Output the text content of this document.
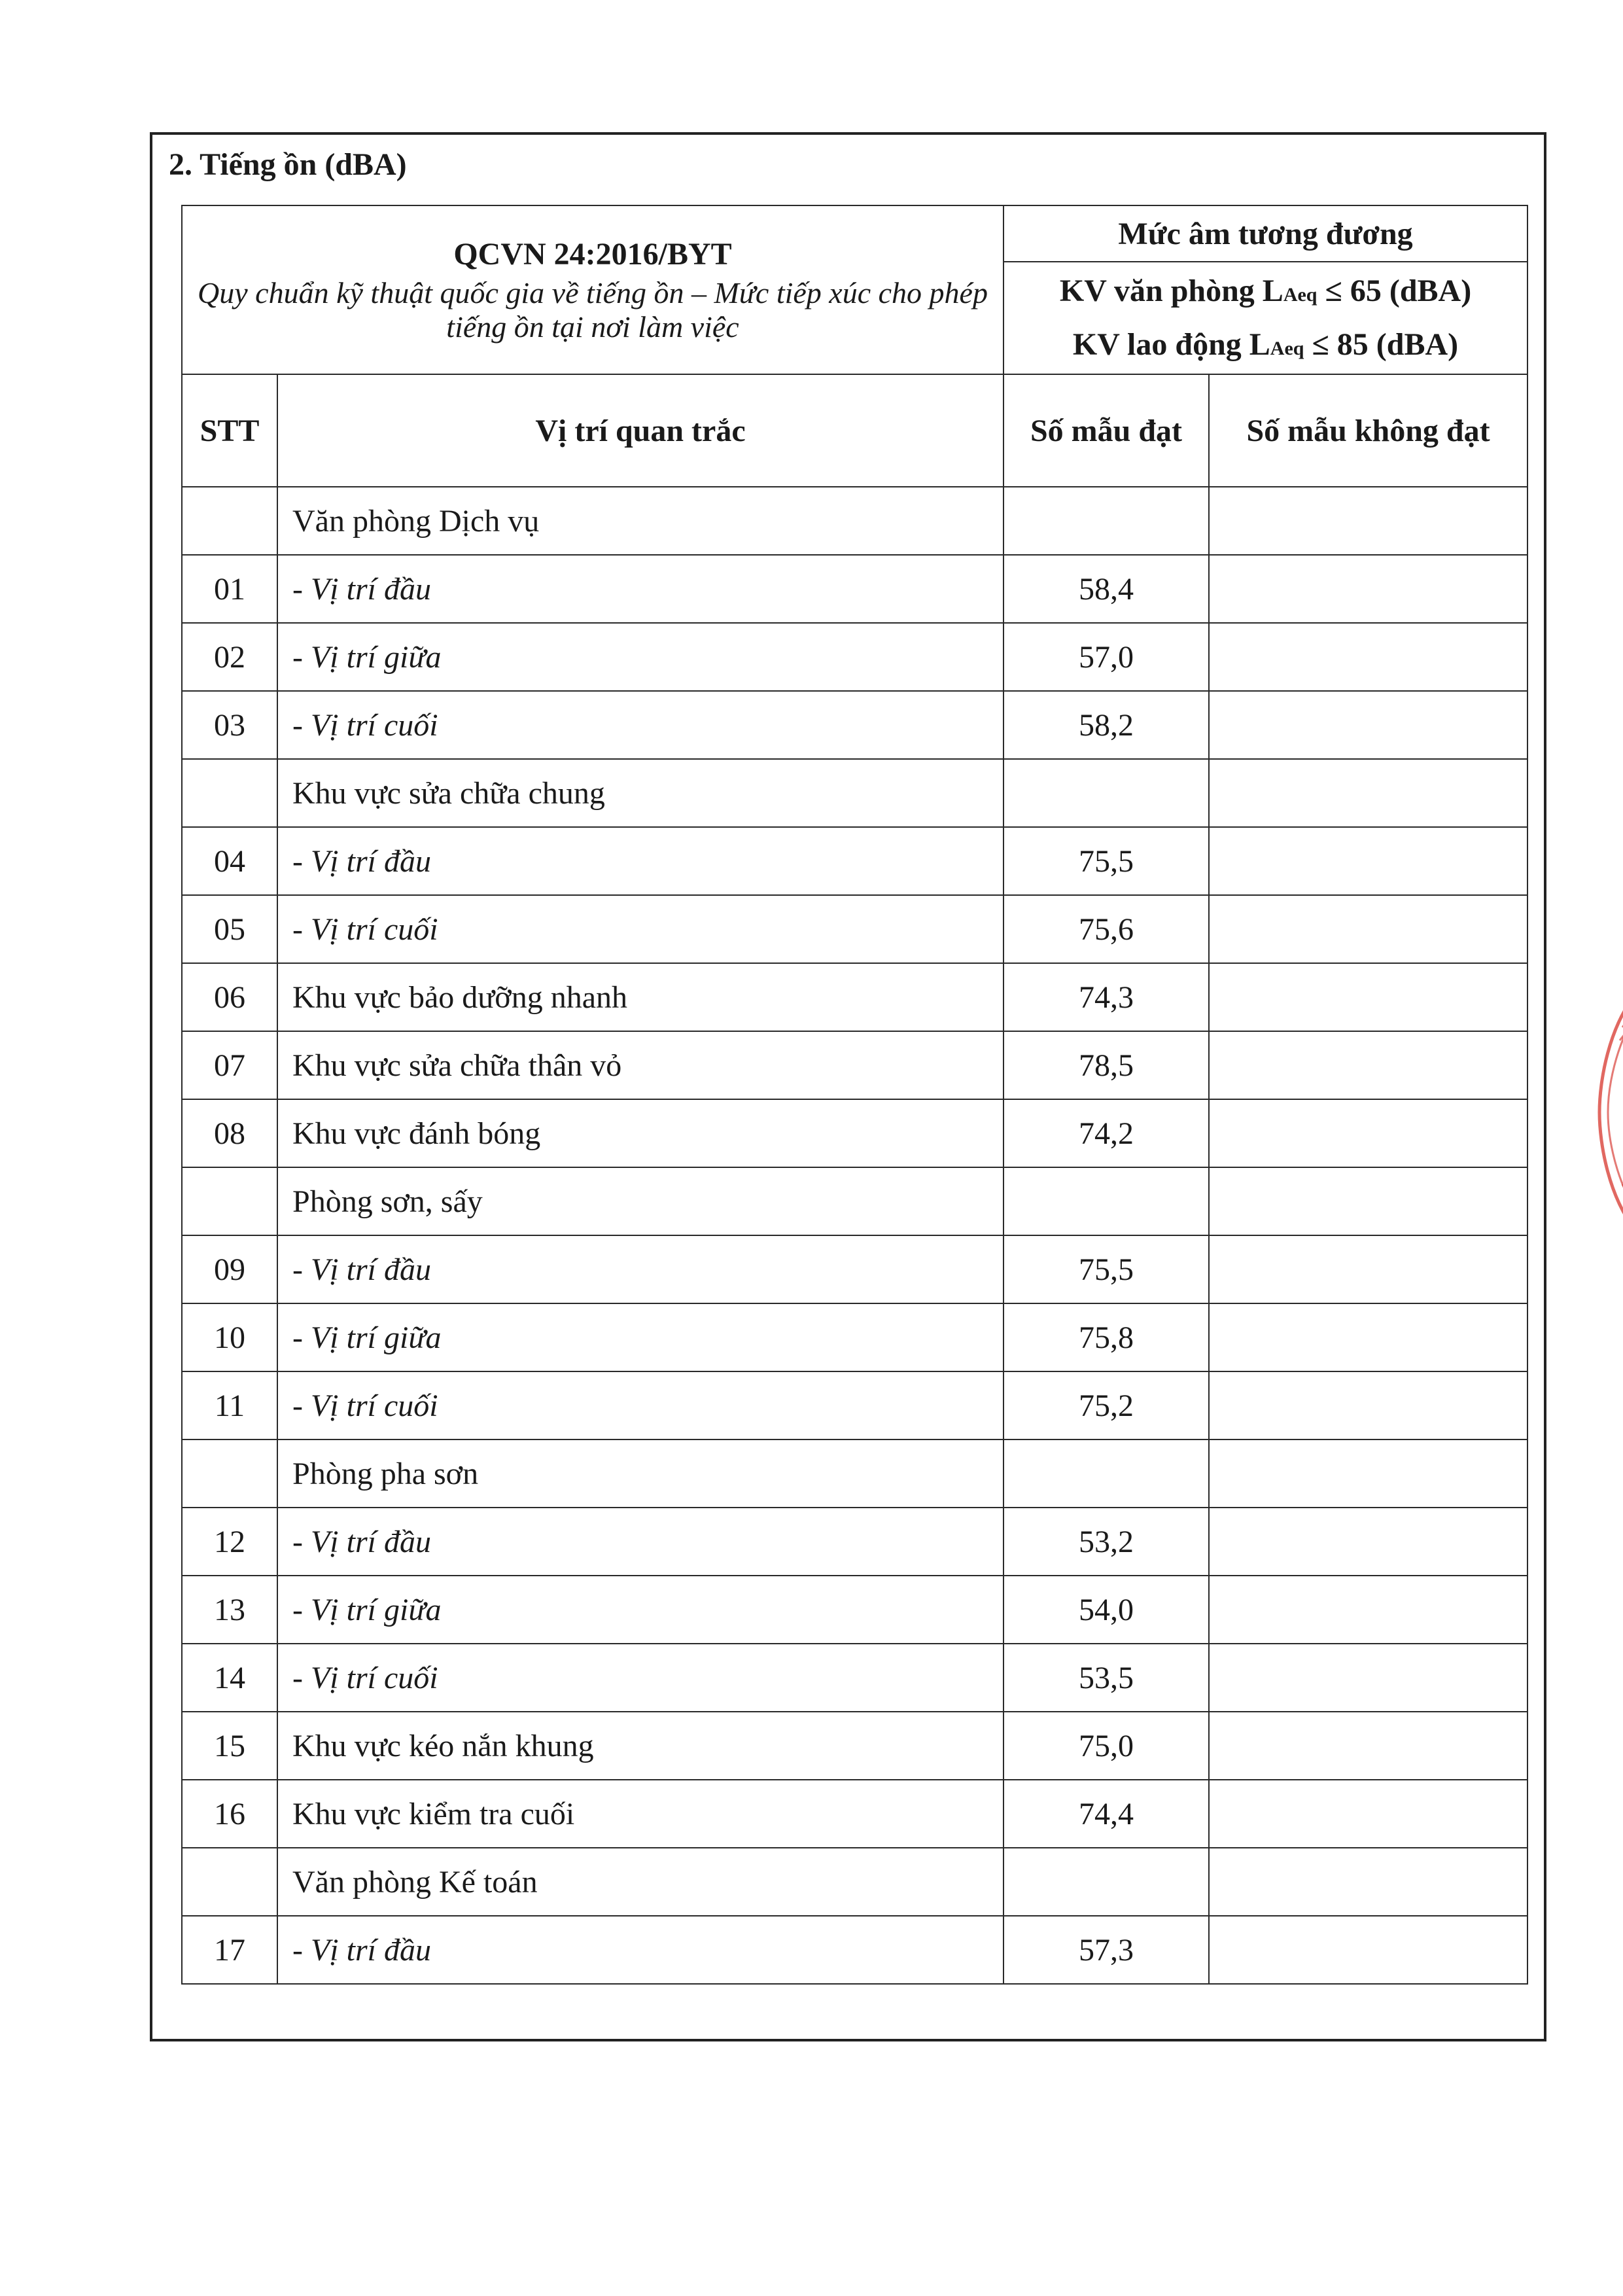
2. Tiếng ồn (dBA)
QCVN 24:2016/BYT
Quy chuẩn kỹ thuật quốc gia về tiếng ồn – Mức tiếp xúc cho phép tiếng ồn tại nơi làm việc		Mức âm tương đương	

		KV văn phòng LAeq ≤ 65 (dBA)
KV lao động LAeq ≤ 85 (dBA)	

STT	Vị trí quan trắc	Số mẫu đạt	Số mẫu không đạt
	Văn phòng Dịch vụ		
01	- Vị trí đầu	58,4	
02	- Vị trí giữa	57,0	
03	- Vị trí cuối	58,2	
	Khu vực sửa chữa chung		
04	- Vị trí đầu	75,5	
05	- Vị trí cuối	75,6	
06	Khu vực bảo dưỡng nhanh	74,3	
07	Khu vực sửa chữa thân vỏ	78,5	
08	Khu vực đánh bóng	74,2	
	Phòng sơn, sấy		
09	- Vị trí đầu	75,5	
10	- Vị trí giữa	75,8	
11	- Vị trí cuối	75,2	
	Phòng pha sơn		
12	- Vị trí đầu	53,2	
13	- Vị trí giữa	54,0	
14	- Vị trí cuối	53,5	
15	Khu vực kéo nắn khung	75,0	
16	Khu vực kiểm tra cuối	74,4	
	Văn phòng Kế toán		
17	- Vị trí đầu	57,3	
